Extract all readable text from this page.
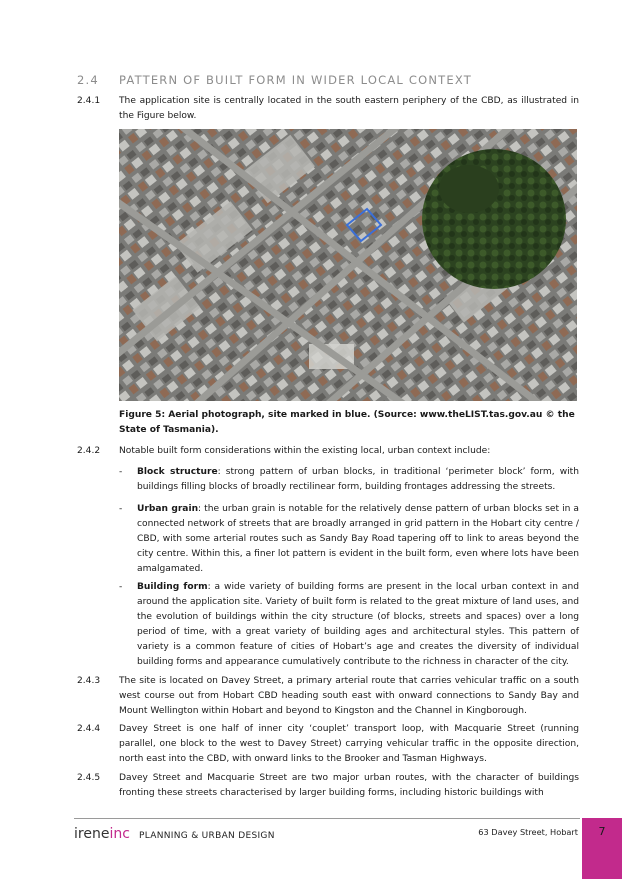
2.4 PATTERN OF BUILT FORM IN WIDER LOCAL CONTEXT
2.4.1	The application site is centrally located in the south eastern periphery of the CBD, as illustrated in the Figure below.
Figure 5: Aerial photograph, site marked in blue. (Source: www.theLIST.tas.gov.au © the State of Tasmania).
2.4.2	Notable built form considerations within the existing local, urban context include:
- Block structure: strong pattern of urban blocks, in traditional ‘perimeter block’ form, with buildings filling blocks of broadly rectilinear form, building frontages addressing the streets.
- Urban grain: the urban grain is notable for the relatively dense pattern of urban blocks set in a connected network of streets that are broadly arranged in grid pattern in the Hobart city centre / CBD, with some arterial routes such as Sandy Bay Road tapering off to link to areas beyond the city centre. Within this, a finer lot pattern is evident in the built form, even where lots have been amalgamated.
- Building form: a wide variety of building forms are present in the local urban context in and around the application site. Variety of built form is related to the great mixture of land uses, and the evolution of buildings within the city structure (of blocks, streets and spaces) over a long period of time, with a great variety of building ages and architectural styles. This pattern of variety is a common feature of cities of Hobart’s age and creates the diversity of individual building forms and appearance cumulatively contribute to the richness in character of the city.
2.4.3	The site is located on Davey Street, a primary arterial route that carries vehicular traffic on a south west course out from Hobart CBD heading south east with onward connections to Sandy Bay and Mount Wellington within Hobart and beyond to Kingston and the Channel in Kingborough.
2.4.4	Davey Street is one half of inner city ‘couplet’ transport loop, with Macquarie Street (running parallel, one block to the west to Davey Street) carrying vehicular traffic in the opposite direction, north east into the CBD, with onward links to the Brooker and Tasman Highways.
2.4.5	Davey Street and Macquarie Street are two major urban routes, with the character of buildings fronting these streets characterised by larger building forms, including historic buildings with
ireneinc PLANNING & URBAN DESIGN	63 Davey Street, Hobart	7
